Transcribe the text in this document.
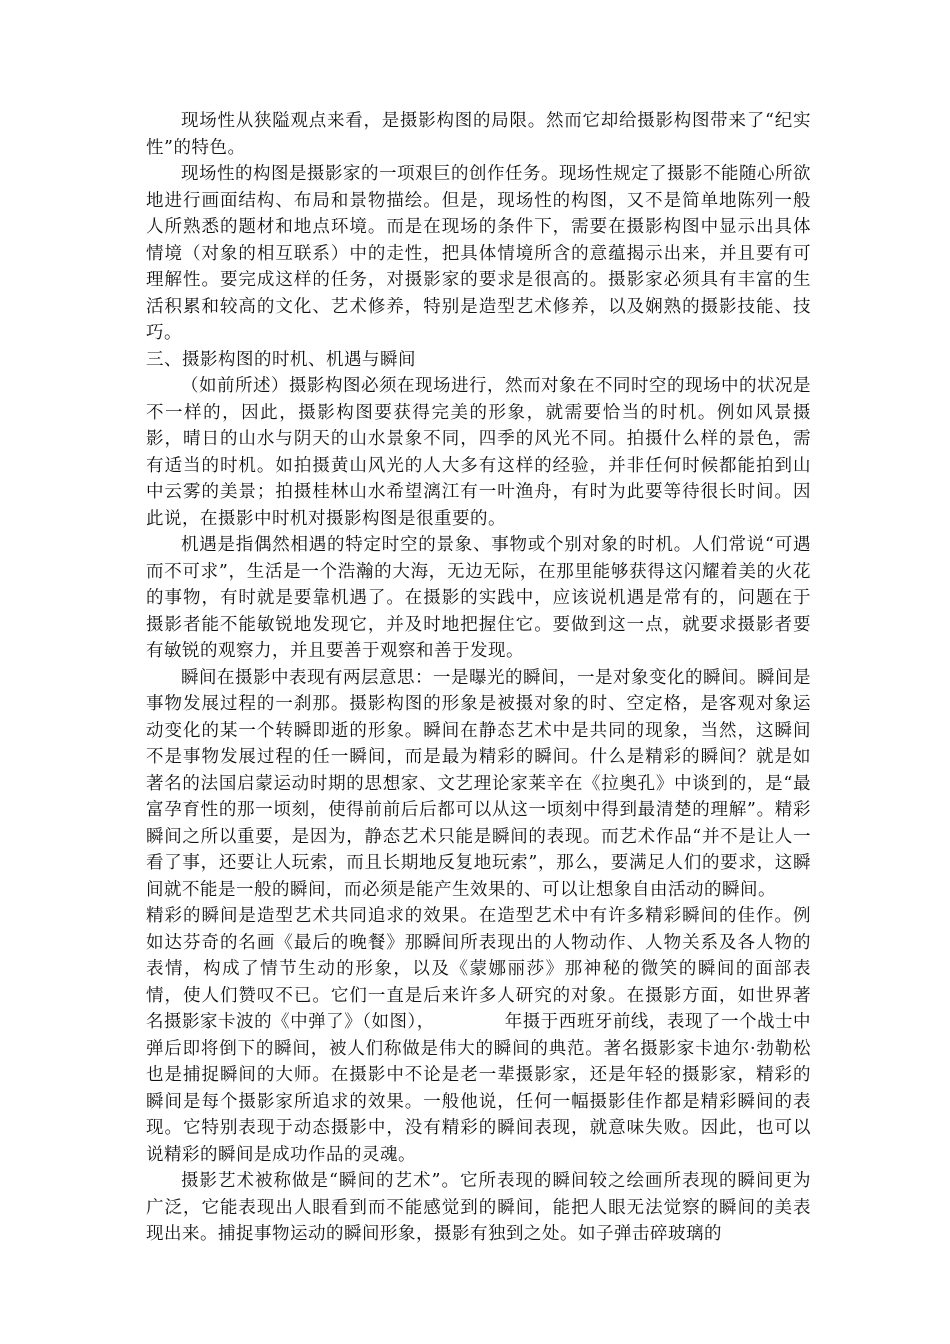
现场性从狭隘观点来看，是摄影构图的局限。然而它却给摄影构图带来了“纪实性”的特色。

现场性的构图是摄影家的一项艰巨的创作任务。现场性规定了摄影不能随心所欲地进行画面结构、布局和景物描绘。但是，现场性的构图，又不是简单地陈列一般人所熟悉的题材和地点环境。而是在现场的条件下，需要在摄影构图中显示出具体情境（对象的相互联系）中的走性，把具体情境所含的意蕴揭示出来，并且要有可理解性。要完成这样的任务，对摄影家的要求是很高的。摄影家必须具有丰富的生活积累和较高的文化、艺术修养，特别是造型艺术修养，以及娴熟的摄影技能、技巧。

三、摄影构图的时机、机遇与瞬间

（如前所述）摄影构图必须在现场进行，然而对象在不同时空的现场中的状况是不一样的，因此，摄影构图要获得完美的形象，就需要恰当的时机。例如风景摄影，晴日的山水与阴天的山水景象不同，四季的风光不同。拍摄什么样的景色，需有适当的时机。如拍摄黄山风光的人大多有这样的经验，并非任何时候都能拍到山中云雾的美景；拍摄桂林山水希望漓江有一叶渔舟，有时为此要等待很长时间。因此说，在摄影中时机对摄影构图是很重要的。

机遇是指偶然相遇的特定时空的景象、事物或个别对象的时机。人们常说“可遇而不可求”，生活是一个浩瀚的大海，无边无际，在那里能够获得这闪耀着美的火花的事物，有时就是要靠机遇了。在摄影的实践中，应该说机遇是常有的，问题在于摄影者能不能敏锐地发现它，并及时地把握住它。要做到这一点，就要求摄影者要有敏锐的观察力，并且要善于观察和善于发现。

瞬间在摄影中表现有两层意思：一是曝光的瞬间，一是对象变化的瞬间。瞬间是事物发展过程的一刹那。摄影构图的形象是被摄对象的时、空定格，是客观对象运动变化的某一个转瞬即逝的形象。瞬间在静态艺术中是共同的现象，当然，这瞬间不是事物发展过程的任一瞬间，而是最为精彩的瞬间。什么是精彩的瞬间？就是如著名的法国启蒙运动时期的思想家、文艺理论家莱辛在《拉奥孔》中谈到的，是“最富孕育性的那一顷刻，使得前前后后都可以从这一顷刻中得到最清楚的理解”。精彩瞬间之所以重要，是因为，静态艺术只能是瞬间的表现。而艺术作品“并不是让人一看了事，还要让人玩索，而且长期地反复地玩索”，那么，要满足人们的要求，这瞬间就不能是一般的瞬间，而必须是能产生效果的、可以让想象自由活动的瞬间。

精彩的瞬间是造型艺术共同追求的效果。在造型艺术中有许多精彩瞬间的佳作。例如达芬奇的名画《最后的晚餐》那瞬间所表现出的人物动作、人物关系及各人物的表情，构成了情节生动的形象，以及《蒙娜丽莎》那神秘的微笑的瞬间的面部表情，使人们赞叹不已。它们一直是后来许多人研究的对象。在摄影方面，如世界著名摄影家卡波的《中弹了》（如图），	年摄于西班牙前线，表现了一个战士中弹后即将倒下的瞬间，被人们称做是伟大的瞬间的典范。著名摄影家卡迪尔·勃勒松也是捕捉瞬间的大师。在摄影中不论是老一辈摄影家，还是年轻的摄影家，精彩的瞬间是每个摄影家所追求的效果。一般他说，任何一幅摄影佳作都是精彩瞬间的表现。它特别表现于动态摄影中，没有精彩的瞬间表现，就意味失败。因此，也可以说精彩的瞬间是成功作品的灵魂。

摄影艺术被称做是“瞬间的艺术”。它所表现的瞬间较之绘画所表现的瞬间更为广泛，它能表现出人眼看到而不能感觉到的瞬间，能把人眼无法觉察的瞬间的美表现出来。捕捉事物运动的瞬间形象，摄影有独到之处。如子弹击碎玻璃的
